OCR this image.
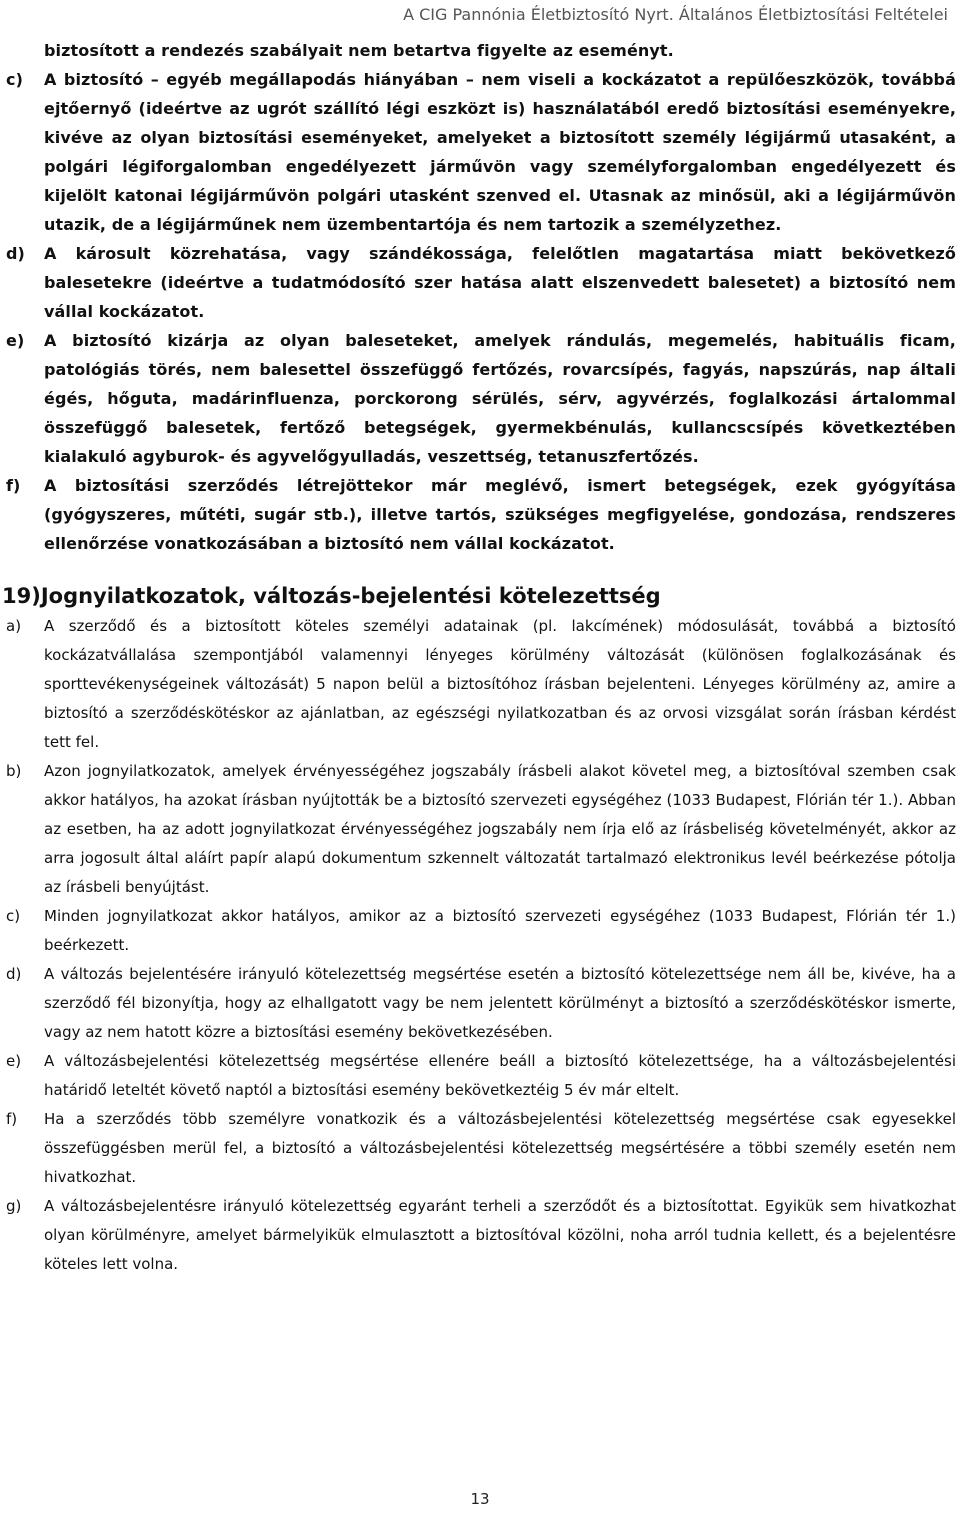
A CIG Pannónia Életbiztosító Nyrt. Általános Életbiztosítási Feltételei

biztosított a rendezés szabályait nem betartva figyelte az eseményt.

c)	A biztosító – egyéb megállapodás hiányában – nem viseli a kockázatot a repülőeszközök, továbbá ejtőernyő (ideértve az ugrót szállító légi eszközt is) használatából eredő biztosítási eseményekre, kivéve az olyan biztosítási eseményeket, amelyeket a biztosított személy légijármű utasaként, a polgári légiforgalomban engedélyezett járművön vagy személyforgalomban engedélyezett és kijelölt katonai légijárművön polgári utasként szenved el. Utasnak az minősül, aki a légijárművön utazik, de a légijárműnek nem üzembentartója és nem tartozik a személyzethez.
d)	A károsult közrehatása, vagy szándékossága, felelőtlen magatartása miatt bekövetkező balesetekre (ideértve a tudatmódosító szer hatása alatt elszenvedett balesetet) a biztosító nem vállal kockázatot.
e)	A biztosító kizárja az olyan baleseteket, amelyek rándulás, megemelés, habituális ficam, patológiás törés, nem balesettel összefüggő fertőzés, rovarcsípés, fagyás, napszúrás, nap általi égés, hőguta, madárinfluenza, porckorong sérülés, sérv, agyvérzés, foglalkozási ártalommal összefüggő balesetek, fertőző betegségek, gyermekbénulás, kullancscsípés következtében kialakuló agyburok- és agyvelőgyulladás, veszettség, tetanuszfertőzés.
f)	A biztosítási szerződés létrejöttekor már meglévő, ismert betegségek, ezek gyógyítása (gyógyszeres, műtéti, sugár stb.), illetve tartós, szükséges megfigyelése, gondozása, rendszeres ellenőrzése vonatkozásában a biztosító nem vállal kockázatot.
19) Jognyilatkozatok, változás-bejelentési kötelezettség
a)	A szerződő és a biztosított köteles személyi adatainak (pl. lakcímének) módosulását, továbbá a biztosító kockázatvállalása szempontjából valamennyi lényeges körülmény változását (különösen foglalkozásának és sporttevékenységeinek változását) 5 napon belül a biztosítóhoz írásban bejelenteni. Lényeges körülmény az, amire a biztosító a szerződéskötéskor az ajánlatban, az egészségi nyilatkozatban és az orvosi vizsgálat során írásban kérdést tett fel.
b)	Azon jognyilatkozatok, amelyek érvényességéhez jogszabály írásbeli alakot követel meg, a biztosítóval szemben csak akkor hatályos, ha azokat írásban nyújtották be a biztosító szervezeti egységéhez (1033 Budapest, Flórián tér 1.). Abban az esetben, ha az adott jognyilatkozat érvényességéhez jogszabály nem írja elő az írásbeliség követelményét, akkor az arra jogosult által aláírt papír alapú dokumentum szkennelt változatát tartalmazó elektronikus levél beérkezése pótolja az írásbeli benyújtást.
c)	Minden jognyilatkozat akkor hatályos, amikor az a biztosító szervezeti egységéhez (1033 Budapest, Flórián tér 1.) beérkezett.
d)	A változás bejelentésére irányuló kötelezettség megsértése esetén a biztosító kötelezettsége nem áll be, kivéve, ha a szerződő fél bizonyítja, hogy az elhallgatott vagy be nem jelentett körülményt a biztosító a szerződéskötéskor ismerte, vagy az nem hatott közre a biztosítási esemény bekövetkezésében.
e)	A változásbejelentési kötelezettség megsértése ellenére beáll a biztosító kötelezettsége, ha a változásbejelentési határidő leteltét követő naptól a biztosítási esemény bekövetkeztéig 5 év már eltelt.
f)	Ha a szerződés több személyre vonatkozik és a változásbejelentési kötelezettség megsértése csak egyesekkel összefüggésben merül fel, a biztosító a változásbejelentési kötelezettség megsértésére a többi személy esetén nem hivatkozhat.
g)	A változásbejelentésre irányuló kötelezettség egyaránt terheli a szerződőt és a biztosítottat. Egyikük sem hivatkozhat olyan körülményre, amelyet bármelyikük elmulasztott a biztosítóval közölni, noha arról tudnia kellett, és a bejelentésre köteles lett volna.
13
